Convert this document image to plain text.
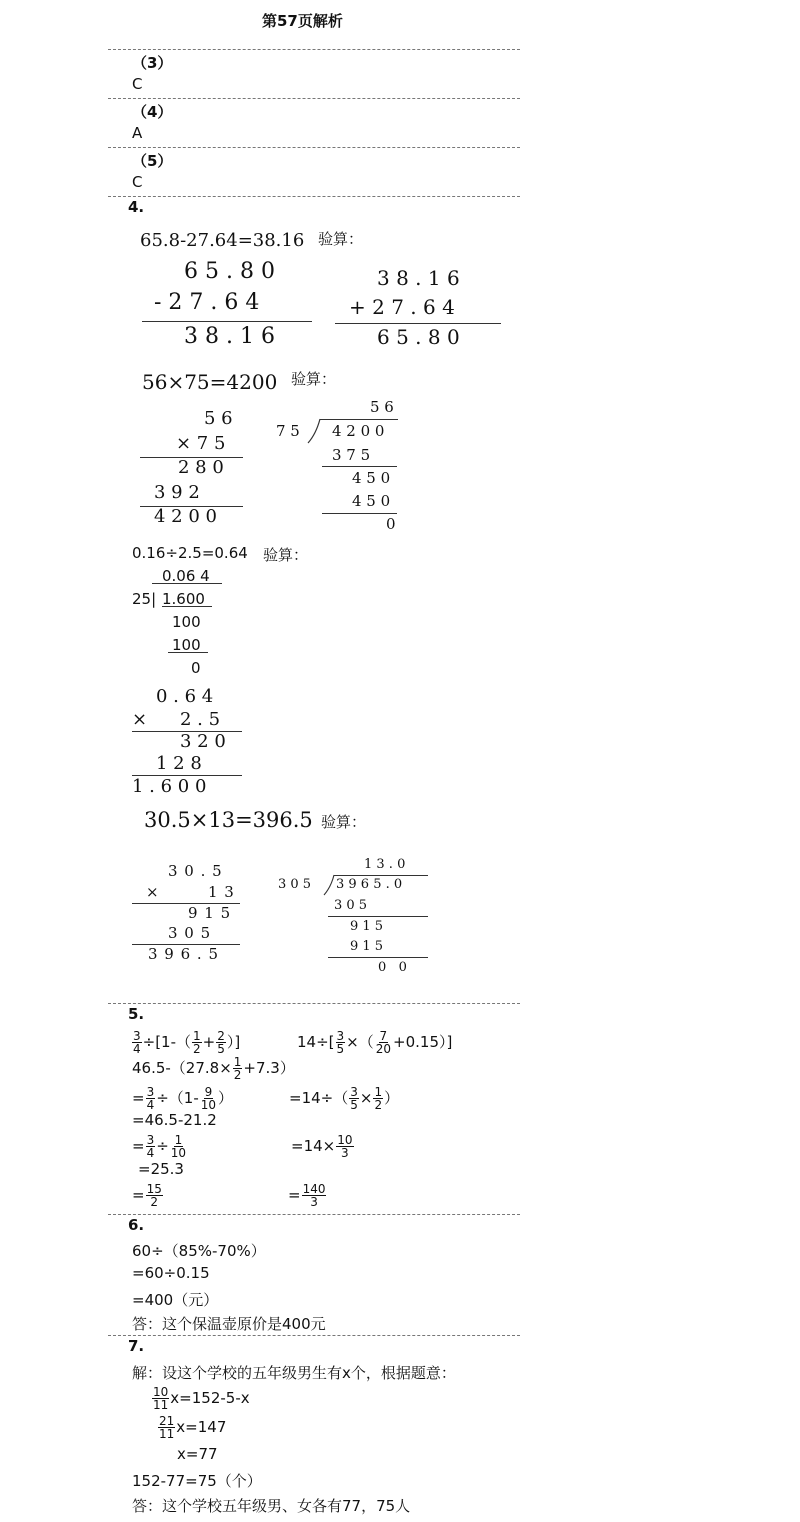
第57页解析
（3）
C
（4）
A
（5）
C
4.
65.8-27.64=38.16 验算：
6 5 . 8 0
- 2 7 . 6 4
3 8 . 1 6
3 8 . 1 6
+ 2 7 . 6 4
6 5 . 8 0
56×75=4200 验算：
5 6
× 7 5
2 8 0
3 9 2
4 2 0 0
5 6
7 5 4 2 0 0
3 7 5
4 5 0
4 5 0
0
0.16÷2.5=0.64 验算：
0.06 4
25| 1.600
100
100
0
0 . 6 4
× 2 . 5
3 2 0
1 2 8
1 . 6 0 0
30.5×13=396.5 验算：
3 0 . 5
×	1 3
9 1 5
3 0 5
3 9 6 . 5
1 3 . 0
3 0 5 3 9 6 5 . 0
3 0 5
9 1 5
9 1 5
0   0
5.
$\frac{3}{4} \div[1-( \frac{1}{2} + \frac{2}{5}$ ）]	$14\div[ \frac{3}{5}$ ×（ $\frac{7}{20} +0.15$）]
$46.5-(27.8\times \frac{1}{2} +7.3)$
= $\frac{3}{4} \div(1- \frac{9}{10}$ ）	$=14\div( \frac{3}{5} \times \frac{1}{2}$ ）
=46.5-21.2
= $\frac{3}{4} \div \frac{1}{10}$	$=14\times \frac{10}{3}$
=25.3
= $\frac{15}{2}$	= $\frac{140}{3}$
6.
60÷（85%-70%）
=60÷0.15
=400（元）
答：这个保温壶原价是400元
7.
解：设这个学校的五年级男生有x个，根据题意：
$\frac{10}{11} x=152-5-x$
$\frac{21}{11} x=147$
x=77
152-77=75（个）
答：这个学校五年级男、女各有77，75人
